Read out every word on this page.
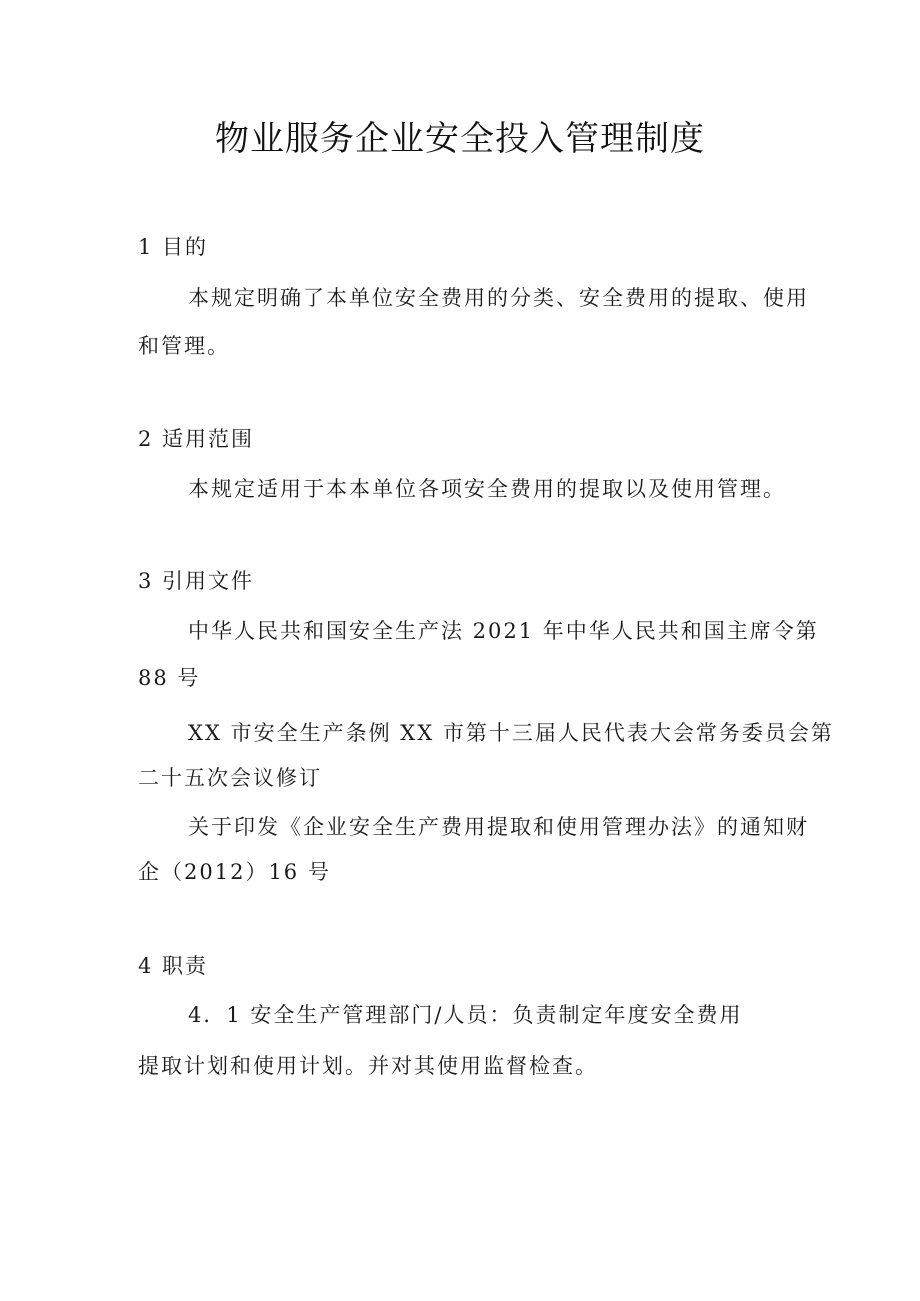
物业服务企业安全投入管理制度
1 目的
本规定明确了本单位安全费用的分类、安全费用的提取、使用
和管理。
2 适用范围
本规定适用于本本单位各项安全费用的提取以及使用管理。
3 引用文件
中华人民共和国安全生产法 2021 年中华人民共和国主席令第
88 号
XX 市安全生产条例 XX 市第十三届人民代表大会常务委员会第
二十五次会议修订
关于印发《企业安全生产费用提取和使用管理办法》的通知财
企（2012）16 号
4 职责
4．1 安全生产管理部门/人员：负责制定年度安全费用
提取计划和使用计划。并对其使用监督检查。
